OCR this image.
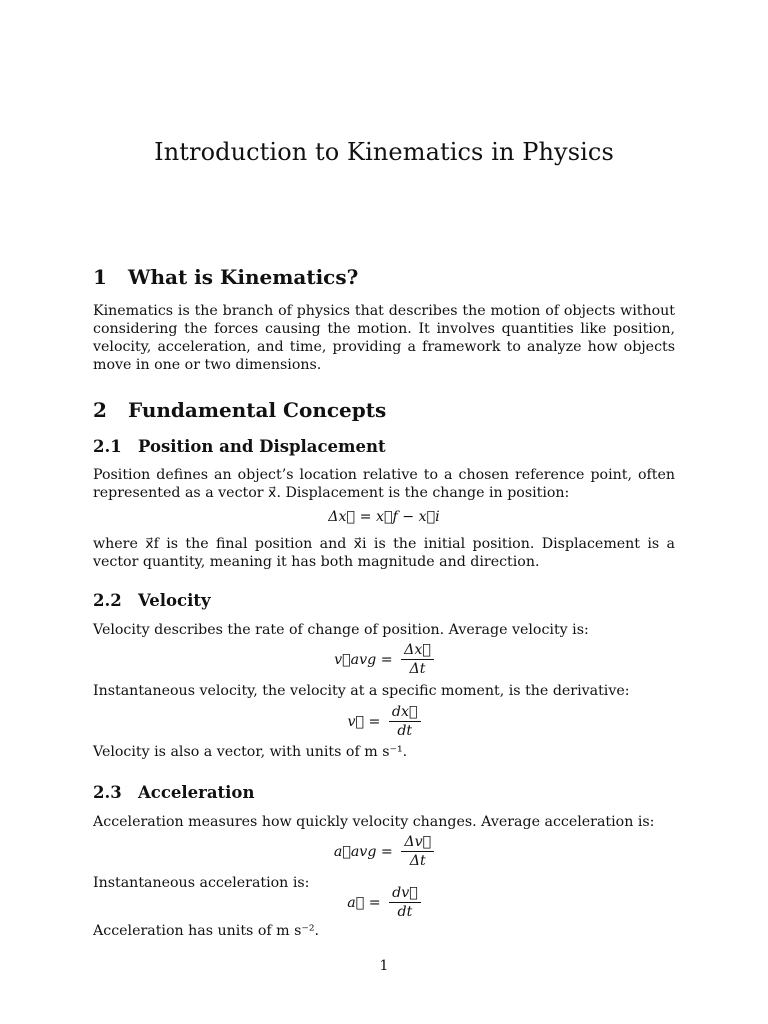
Introduction to Kinematics in Physics
1 What is Kinematics?

Kinematics is the branch of physics that describes the motion of objects without considering the forces causing the motion. It involves quantities like position, velocity, acceleration, and time, providing a framework to analyze how objects move in one or two dimensions.

2 Fundamental Concepts
2.1 Position and Displacement

Position defines an object’s location relative to a chosen reference point, often represented as a vector x⃗. Displacement is the change in position:

Δx⃗ = x⃗f − x⃗i

where x⃗f is the final position and x⃗i is the initial position. Displacement is a vector quantity, meaning it has both magnitude and direction.

2.2 Velocity

Velocity describes the rate of change of position. Average velocity is:

v⃗avg = $\frac{\Delta x⃗}{\Delta t}$

Instantaneous velocity, the velocity at a specific moment, is the derivative:

v⃗ = $\frac{dx⃗}{dt}$

Velocity is also a vector, with units of m s⁻¹.

2.3 Acceleration

Acceleration measures how quickly velocity changes. Average acceleration is:

a⃗avg = $\frac{\Delta v⃗}{\Delta t}$

Instantaneous acceleration is:

a⃗ = $\frac{dv⃗}{dt}$

Acceleration has units of m s⁻².

1
